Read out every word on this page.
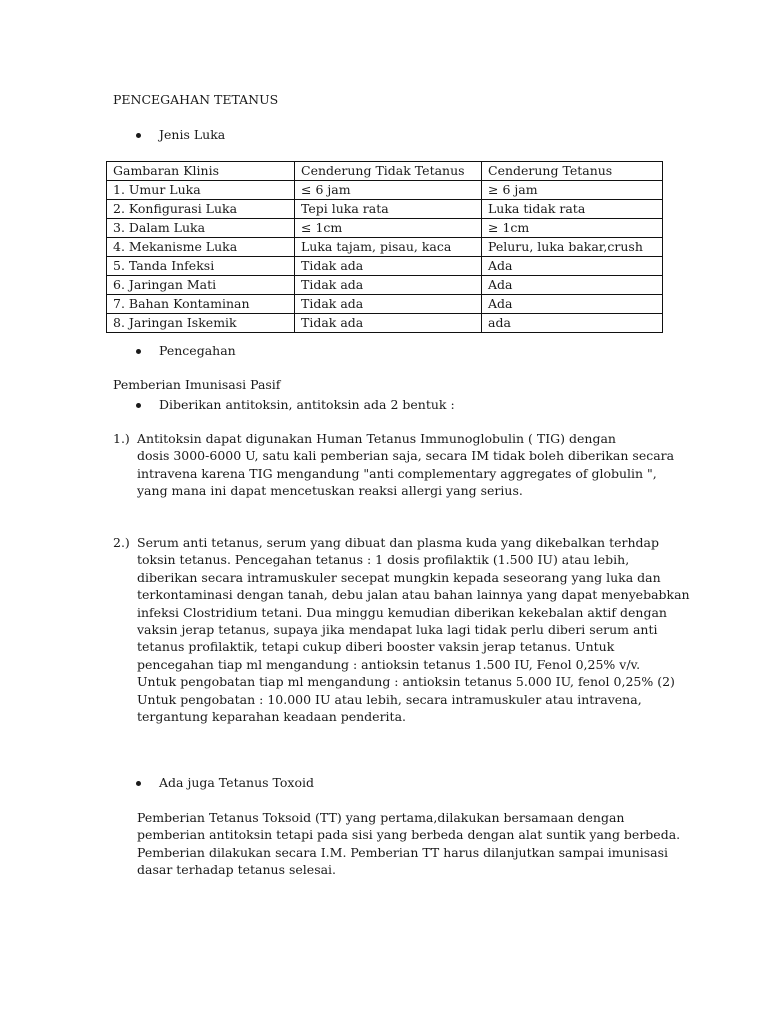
PENCEGAHAN TETANUS
Jenis Luka
Gambaran Klinis	Cenderung Tidak Tetanus	Cenderung Tetanus
1. Umur Luka	≤ 6 jam	≥ 6 jam
2. Konfigurasi Luka	Tepi luka rata	Luka tidak rata
3. Dalam Luka	≤ 1cm	≥ 1cm
4. Mekanisme Luka	Luka tajam, pisau, kaca	Peluru, luka bakar,crush
5. Tanda Infeksi	Tidak ada	Ada
6. Jaringan Mati	Tidak ada	Ada
7. Bahan Kontaminan	Tidak ada	Ada
8. Jaringan Iskemik	Tidak ada	ada
Pencegahan
Pemberian Imunisasi Pasif
Diberikan antitoksin, antitoksin ada 2 bentuk :
1.) Antitoksin dapat digunakan Human Tetanus Immunoglobulin ( TIG) dengan
dosis 3000-6000 U, satu kali pemberian saja, secara IM tidak boleh diberikan secara
intravena karena TIG mengandung "anti complementary aggregates of globulin ",
yang mana ini dapat mencetuskan reaksi allergi yang serius.
2.) Serum anti tetanus, serum yang dibuat dan plasma kuda yang dikebalkan terhdap
toksin tetanus. Pencegahan tetanus : 1 dosis profilaktik (1.500 IU) atau lebih,
diberikan secara intramuskuler secepat mungkin kepada seseorang yang luka dan
terkontaminasi dengan tanah, debu jalan atau bahan lainnya yang dapat menyebabkan
infeksi Clostridium tetani. Dua minggu kemudian diberikan kekebalan aktif dengan
vaksin jerap tetanus, supaya jika mendapat luka lagi tidak perlu diberi serum anti
tetanus profilaktik, tetapi cukup diberi booster vaksin jerap tetanus. Untuk
pencegahan tiap ml mengandung : antioksin tetanus 1.500 IU, Fenol 0,25% v/v.
Untuk pengobatan tiap ml mengandung : antioksin tetanus 5.000 IU, fenol 0,25% (2)
Untuk pengobatan : 10.000 IU atau lebih, secara intramuskuler atau intravena,
tergantung keparahan keadaan penderita.
Ada juga Tetanus Toxoid
Pemberian Tetanus Toksoid (TT) yang pertama,dilakukan bersamaan dengan
pemberian antitoksin tetapi pada sisi yang berbeda dengan alat suntik yang berbeda.
Pemberian dilakukan secara I.M. Pemberian TT harus dilanjutkan sampai imunisasi
dasar terhadap tetanus selesai.
